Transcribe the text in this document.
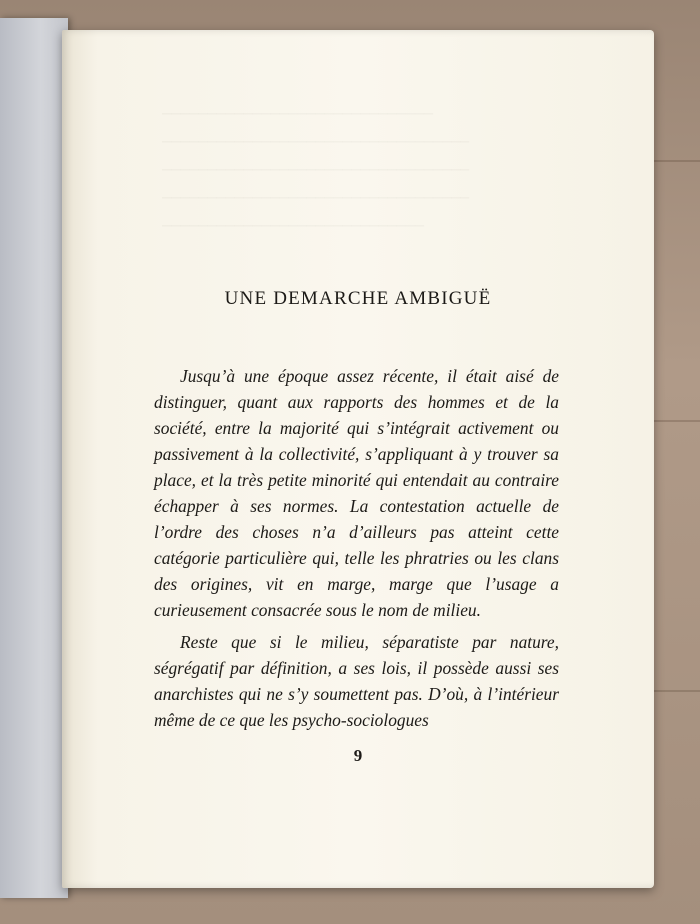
UNE DEMARCHE AMBIGUË

Jusqu’à une époque assez récente, il était aisé de distinguer, quant aux rapports des hommes et de la société, entre la majorité qui s’intégrait activement ou passivement à la collectivité, s’appliquant à y trouver sa place, et la très petite minorité qui entendait au contraire échapper à ses normes. La contestation actuelle de l’ordre des choses n’a d’ailleurs pas atteint cette catégorie particulière qui, telle les phratries ou les clans des origines, vit en marge, marge que l’usage a curieusement consacrée sous le nom de milieu.

Reste que si le milieu, séparatiste par nature, ségrégatif par définition, a ses lois, il possède aussi ses anarchistes qui ne s’y soumettent pas. D’où, à l’intérieur même de ce que les psycho-sociologues

9
